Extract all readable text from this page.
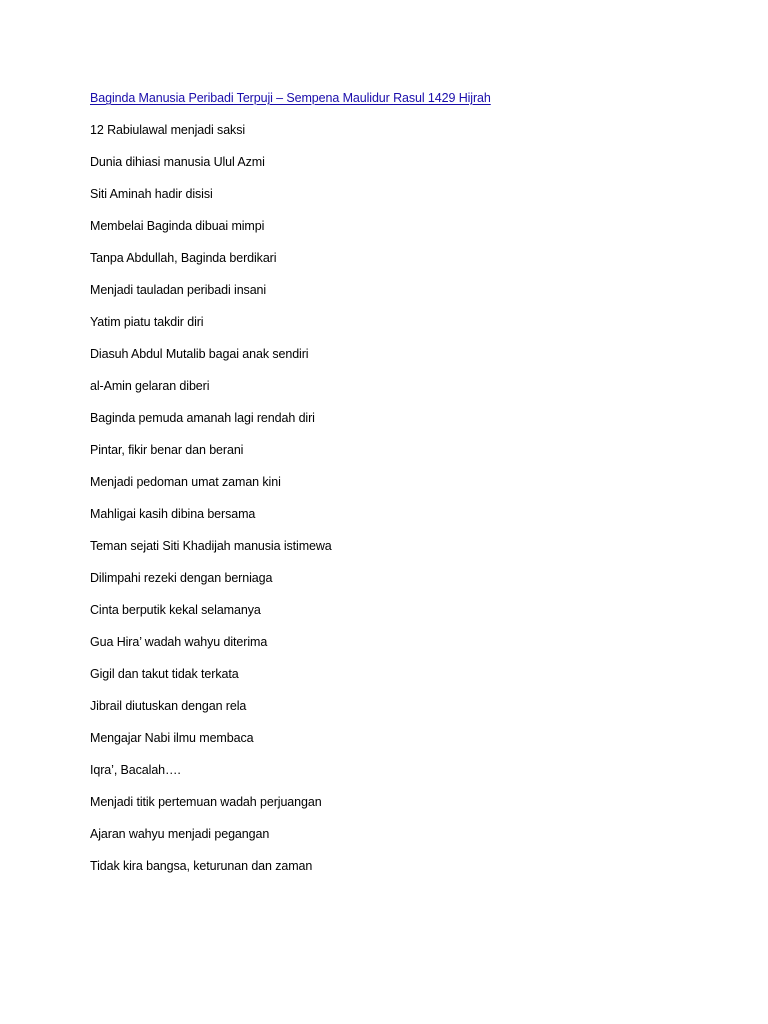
Baginda Manusia Peribadi Terpuji – Sempena Maulidur Rasul 1429 Hijrah
12 Rabiulawal menjadi saksi
Dunia dihiasi manusia Ulul Azmi
Siti Aminah hadir disisi
Membelai Baginda dibuai mimpi
Tanpa Abdullah, Baginda berdikari
Menjadi tauladan peribadi insani
Yatim piatu takdir diri
Diasuh Abdul Mutalib bagai anak sendiri
al-Amin gelaran diberi
Baginda pemuda amanah lagi rendah diri
Pintar, fikir benar dan berani
Menjadi pedoman umat zaman kini
Mahligai kasih dibina bersama
Teman sejati Siti Khadijah manusia istimewa
Dilimpahi rezeki dengan berniaga
Cinta berputik kekal selamanya
Gua Hira’ wadah wahyu diterima
Gigil dan takut tidak terkata
Jibrail diutuskan dengan rela
Mengajar Nabi ilmu membaca
Iqra’, Bacalah….
Menjadi titik pertemuan wadah perjuangan
Ajaran wahyu menjadi pegangan
Tidak kira bangsa, keturunan dan zaman
